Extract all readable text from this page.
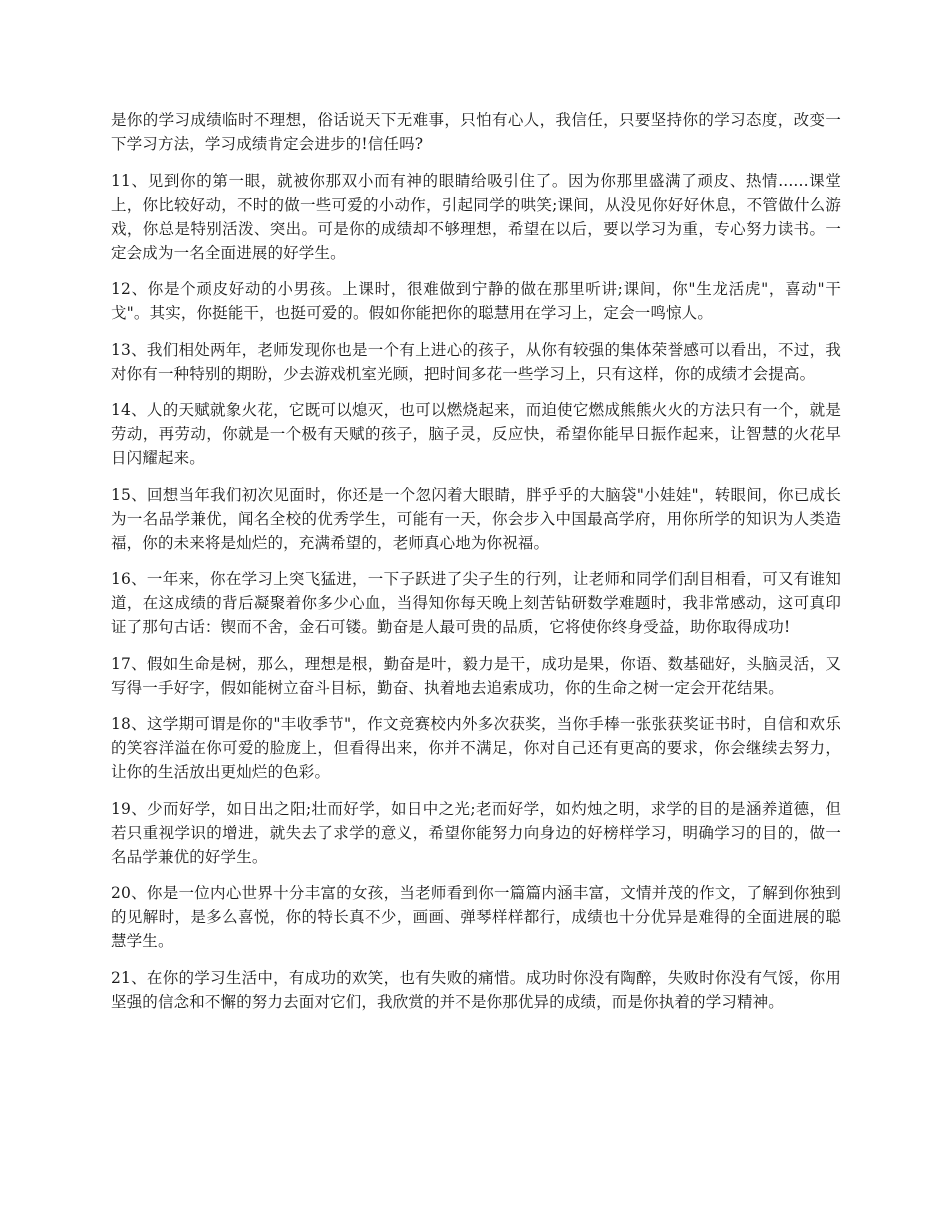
是你的学习成绩临时不理想，俗话说天下无难事，只怕有心人，我信任，只要坚持你的学习态度，改变一下学习方法，学习成绩肯定会进步的!信任吗?

11、见到你的第一眼，就被你那双小而有神的眼睛给吸引住了。因为你那里盛满了顽皮、热情......课堂上，你比较好动，不时的做一些可爱的小动作，引起同学的哄笑;课间，从没见你好好休息，不管做什么游戏，你总是特别活泼、突出。可是你的成绩却不够理想，希望在以后，要以学习为重，专心努力读书。一定会成为一名全面进展的好学生。

12、你是个顽皮好动的小男孩。上课时，很难做到宁静的做在那里听讲;课间，你"生龙活虎"，喜动"干戈"。其实，你挺能干，也挺可爱的。假如你能把你的聪慧用在学习上，定会一鸣惊人。

13、我们相处两年，老师发现你也是一个有上进心的孩子，从你有较强的集体荣誉感可以看出，不过，我对你有一种特别的期盼，少去游戏机室光顾，把时间多花一些学习上，只有这样，你的成绩才会提高。

14、人的天赋就象火花，它既可以熄灭，也可以燃烧起来，而迫使它燃成熊熊火火的方法只有一个，就是劳动，再劳动，你就是一个极有天赋的孩子，脑子灵，反应快，希望你能早日振作起来，让智慧的火花早日闪耀起来。

15、回想当年我们初次见面时，你还是一个忽闪着大眼睛，胖乎乎的大脑袋"小娃娃"，转眼间，你已成长为一名品学兼优，闻名全校的优秀学生，可能有一天，你会步入中国最高学府，用你所学的知识为人类造福，你的未来将是灿烂的，充满希望的，老师真心地为你祝福。

16、一年来，你在学习上突飞猛进，一下子跃进了尖子生的行列，让老师和同学们刮目相看，可又有谁知道，在这成绩的背后凝聚着你多少心血，当得知你每天晚上刻苦钻研数学难题时，我非常感动，这可真印证了那句古话：锲而不舍，金石可镂。勤奋是人最可贵的品质，它将使你终身受益，助你取得成功!

17、假如生命是树，那么，理想是根，勤奋是叶，毅力是干，成功是果，你语、数基础好，头脑灵活，又写得一手好字，假如能树立奋斗目标，勤奋、执着地去追索成功，你的生命之树一定会开花结果。

18、这学期可谓是你的"丰收季节"，作文竞赛校内外多次获奖，当你手棒一张张获奖证书时，自信和欢乐的笑容洋溢在你可爱的脸庞上，但看得出来，你并不满足，你对自己还有更高的要求，你会继续去努力，让你的生活放出更灿烂的色彩。

19、少而好学，如日出之阳;壮而好学，如日中之光;老而好学，如灼烛之明，求学的目的是涵养道德，但若只重视学识的增进，就失去了求学的意义，希望你能努力向身边的好榜样学习，明确学习的目的，做一名品学兼优的好学生。

20、你是一位内心世界十分丰富的女孩，当老师看到你一篇篇内涵丰富，文情并茂的作文，了解到你独到的见解时，是多么喜悦，你的特长真不少，画画、弹琴样样都行，成绩也十分优异是难得的全面进展的聪慧学生。

21、在你的学习生活中，有成功的欢笑，也有失败的痛惜。成功时你没有陶醉，失败时你没有气馁，你用坚强的信念和不懈的努力去面对它们，我欣赏的并不是你那优异的成绩，而是你执着的学习精神。
